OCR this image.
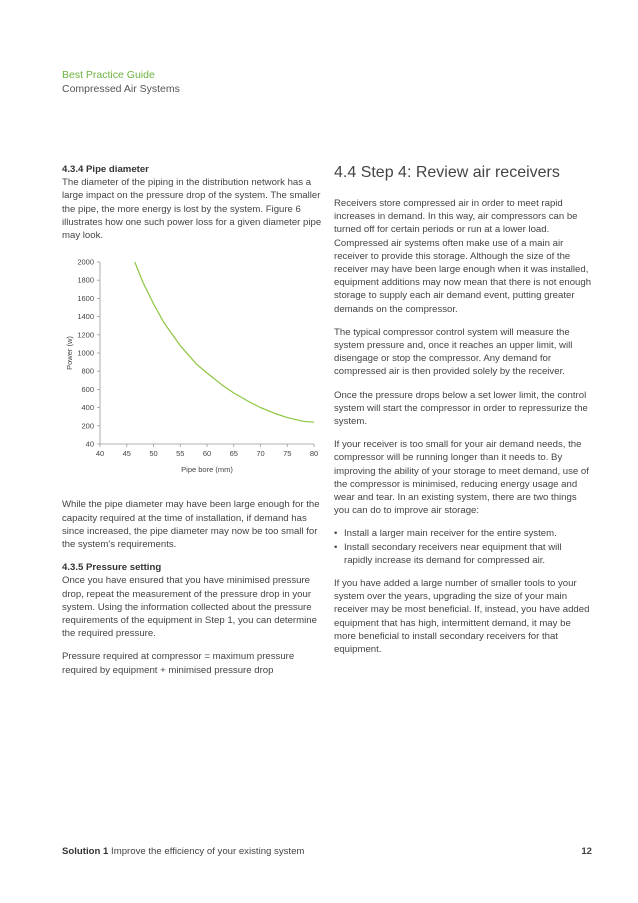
Best Practice Guide
Compressed Air Systems
4.3.4 Pipe diameter

The diameter of the piping in the distribution network has a large impact on the pressure drop of the system. The smaller the pipe, the more energy is lost by the system. Figure 6 illustrates how one such power loss for a given diameter pipe may look.

40
200
400
600
800
1000
1200
1400
1600
1800
2000
40 45 50 55 60 65 70 75 80
Power (w)
Pipe bore (mm)

While the pipe diameter may have been large enough for the capacity required at the time of installation, if demand has since increased, the pipe diameter may now be too small for the system's requirements.

4.3.5 Pressure setting

Once you have ensured that you have minimised pressure drop, repeat the measurement of the pressure drop in your system. Using the information collected about the pressure requirements of the equipment in Step 1, you can determine the required pressure.

Pressure required at compressor = maximum pressure required by equipment + minimised pressure drop

4.4 Step 4: Review air receivers

Receivers store compressed air in order to meet rapid increases in demand. In this way, air compressors can be turned off for certain periods or run at a lower load. Compressed air systems often make use of a main air receiver to provide this storage. Although the size of the receiver may have been large enough when it was installed, equipment additions may now mean that there is not enough storage to supply each air demand event, putting greater demands on the compressor.

The typical compressor control system will measure the system pressure and, once it reaches an upper limit, will disengage or stop the compressor. Any demand for compressed air is then provided solely by the receiver.

Once the pressure drops below a set lower limit, the control system will start the compressor in order to repressurize the system.

If your receiver is too small for your air demand needs, the compressor will be running longer than it needs to. By improving the ability of your storage to meet demand, use of the compressor is minimised, reducing energy usage and wear and tear. In an existing system, there are two things you can do to improve air storage:

• Install a larger main receiver for the entire system.
• Install secondary receivers near equipment that will rapidly increase its demand for compressed air.

If you have added a large number of smaller tools to your system over the years, upgrading the size of your main receiver may be most beneficial. If, instead, you have added equipment that has high, intermittent demand, it may be more beneficial to install secondary receivers for that equipment.

Solution 1 Improve the efficiency of your existing system	12
